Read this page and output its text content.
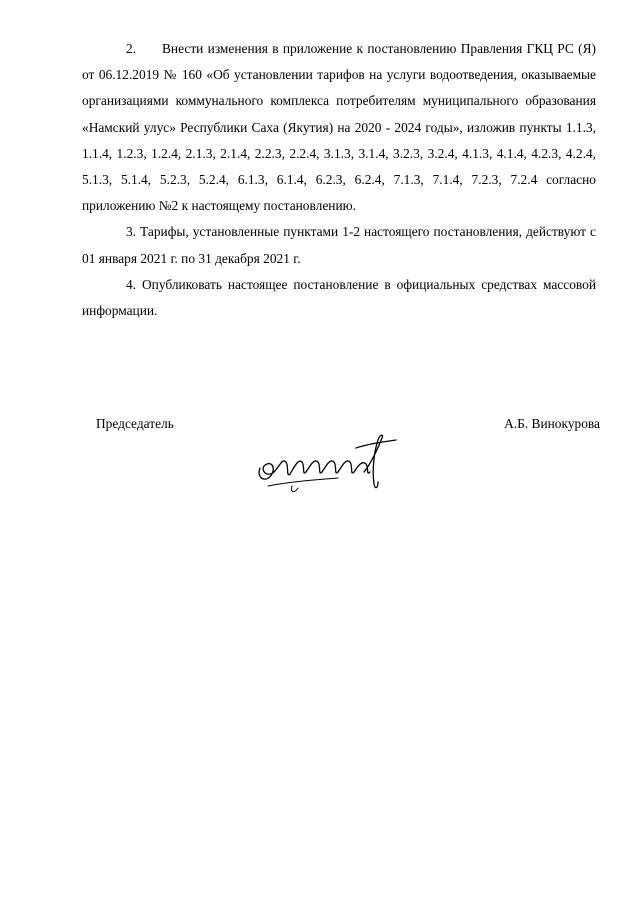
2. Внести изменения в приложение к постановлению Правления ГКЦ РС (Я) от 06.12.2019 № 160 «Об установлении тарифов на услуги водоотведения, оказываемые организациями коммунального комплекса потребителям муниципального образования «Намский улус» Республики Саха (Якутия) на 2020 - 2024 годы», изложив пункты 1.1.3, 1.1.4, 1.2.3, 1.2.4, 2.1.3, 2.1.4, 2.2.3, 2.2.4, 3.1.3, 3.1.4, 3.2.3, 3.2.4, 4.1.3, 4.1.4, 4.2.3, 4.2.4, 5.1.3, 5.1.4, 5.2.3, 5.2.4, 6.1.3, 6.1.4, 6.2.3, 6.2.4, 7.1.3, 7.1.4, 7.2.3, 7.2.4 согласно приложению №2 к настоящему постановлению.

3. Тарифы, установленные пунктами 1-2 настоящего постановления, действуют с 01 января 2021 г. по 31 декабря 2021 г.

4. Опубликовать настоящее постановление в официальных средствах массовой информации.

Председатель	А.Б. Винокурова
